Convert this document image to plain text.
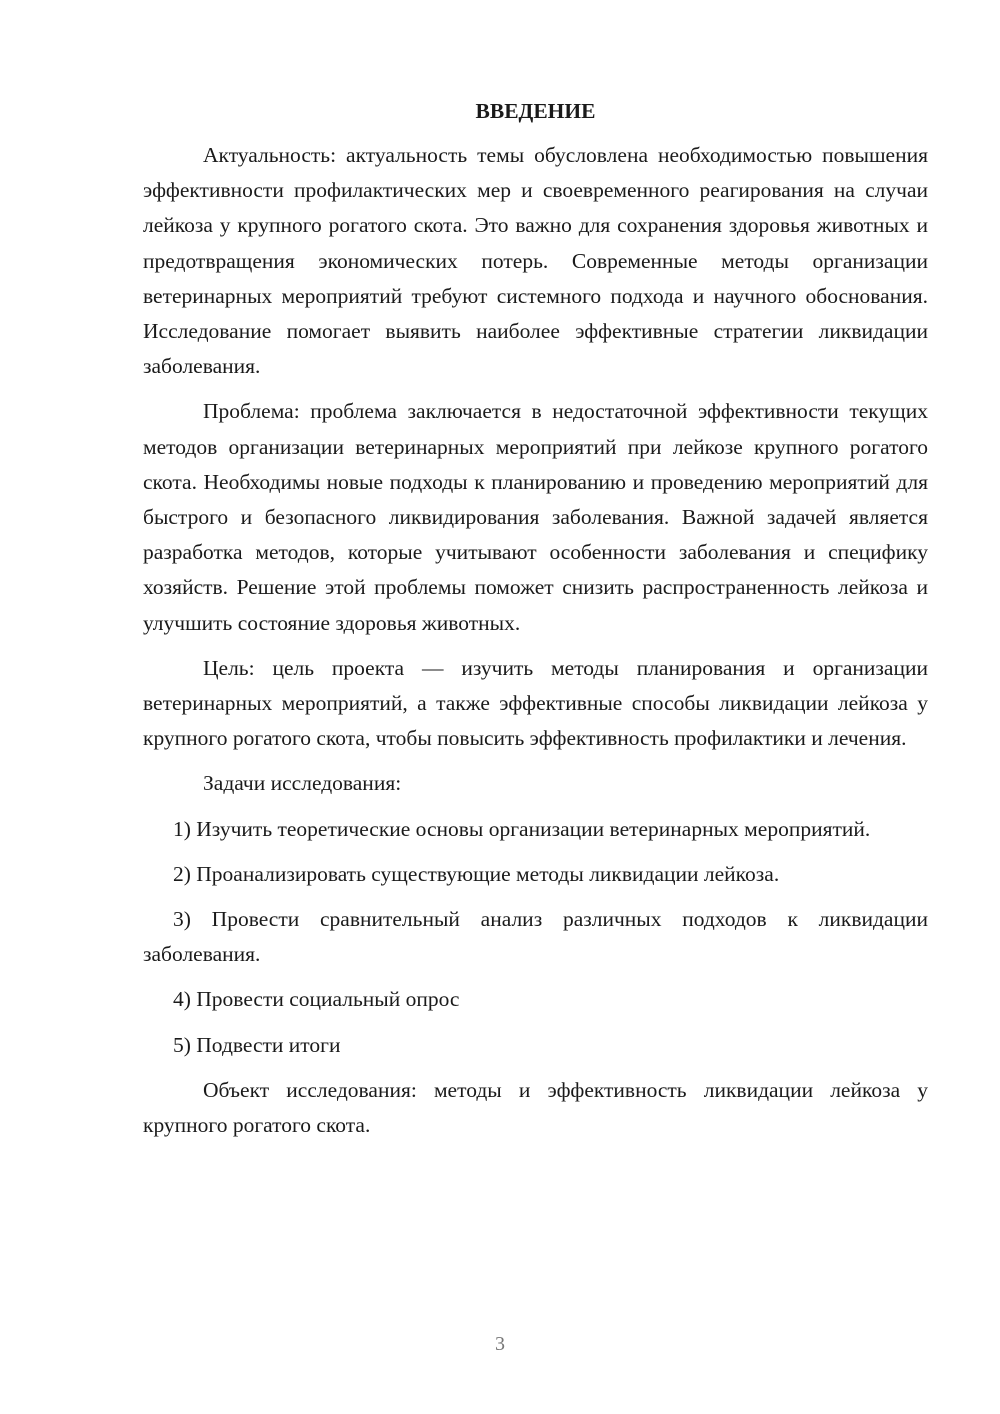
ВВЕДЕНИЕ

Актуальность: актуальность темы обусловлена необходимостью повышения эффективности профилактических мер и своевременного реагирования на случаи лейкоза у крупного рогатого скота. Это важно для сохранения здоровья животных и предотвращения экономических потерь. Современные методы организации ветеринарных мероприятий требуют системного подхода и научного обоснования. Исследование помогает выявить наиболее эффективные стратегии ликвидации заболевания.

Проблема: проблема заключается в недостаточной эффективности текущих методов организации ветеринарных мероприятий при лейкозе крупного рогатого скота. Необходимы новые подходы к планированию и проведению мероприятий для быстрого и безопасного ликвидирования заболевания. Важной задачей является разработка методов, которые учитывают особенности заболевания и специфику хозяйств. Решение этой проблемы поможет снизить распространенность лейкоза и улучшить состояние здоровья животных.

Цель: цель проекта — изучить методы планирования и организации ветеринарных мероприятий, а также эффективные способы ликвидации лейкоза у крупного рогатого скота, чтобы повысить эффективность профилактики и лечения.

Задачи исследования:

1) Изучить теоретические основы организации ветеринарных мероприятий.

2) Проанализировать существующие методы ликвидации лейкоза.

3) Провести сравнительный анализ различных подходов к ликвидации заболевания.

4) Провести социальный опрос

5) Подвести итоги

Объект исследования: методы и эффективность ликвидации лейкоза у крупного рогатого скота.

3
